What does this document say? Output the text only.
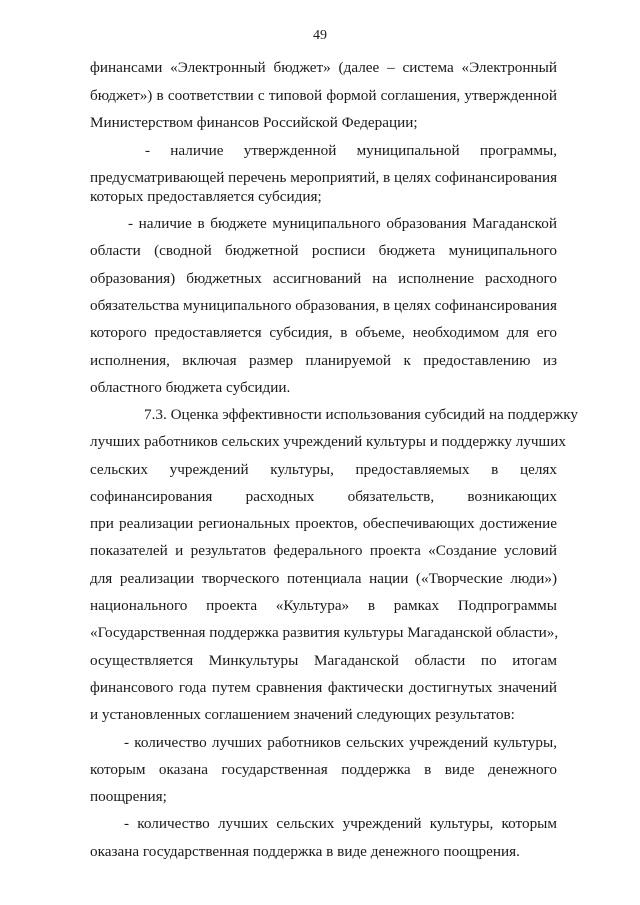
49
финансами «Электронный бюджет» (далее – система «Электронный
бюджет») в соответствии с типовой формой соглашения, утвержденной
Министерством финансов Российской Федерации;
- наличие утвержденной муниципальной программы,
предусматривающей перечень мероприятий, в целях софинансирования
которых предоставляется субсидия;
- наличие в бюджете муниципального образования Магаданской
области (сводной бюджетной росписи бюджета муниципального
образования) бюджетных ассигнований на исполнение расходного
обязательства муниципального образования, в целях софинансирования
которого предоставляется субсидия, в объеме, необходимом для его
исполнения, включая размер планируемой к предоставлению из
областного бюджета субсидии.
7.3. Оценка эффективности использования субсидий на поддержку
лучших работников сельских учреждений культуры и поддержку лучших
сельских учреждений культуры, предоставляемых в целях
софинансирования расходных обязательств, возникающих
при реализации региональных проектов, обеспечивающих достижение
показателей и результатов федерального проекта «Создание условий
для реализации творческого потенциала нации («Творческие люди»)
национального проекта «Культура» в рамках Подпрограммы
«Государственная поддержка развития культуры Магаданской области»,
осуществляется Минкультуры Магаданской области по итогам
финансового года путем сравнения фактически достигнутых значений
и установленных соглашением значений следующих результатов:
- количество лучших работников сельских учреждений культуры,
которым оказана государственная поддержка в виде денежного
поощрения;
- количество лучших сельских учреждений культуры, которым
оказана государственная поддержка в виде денежного поощрения.
